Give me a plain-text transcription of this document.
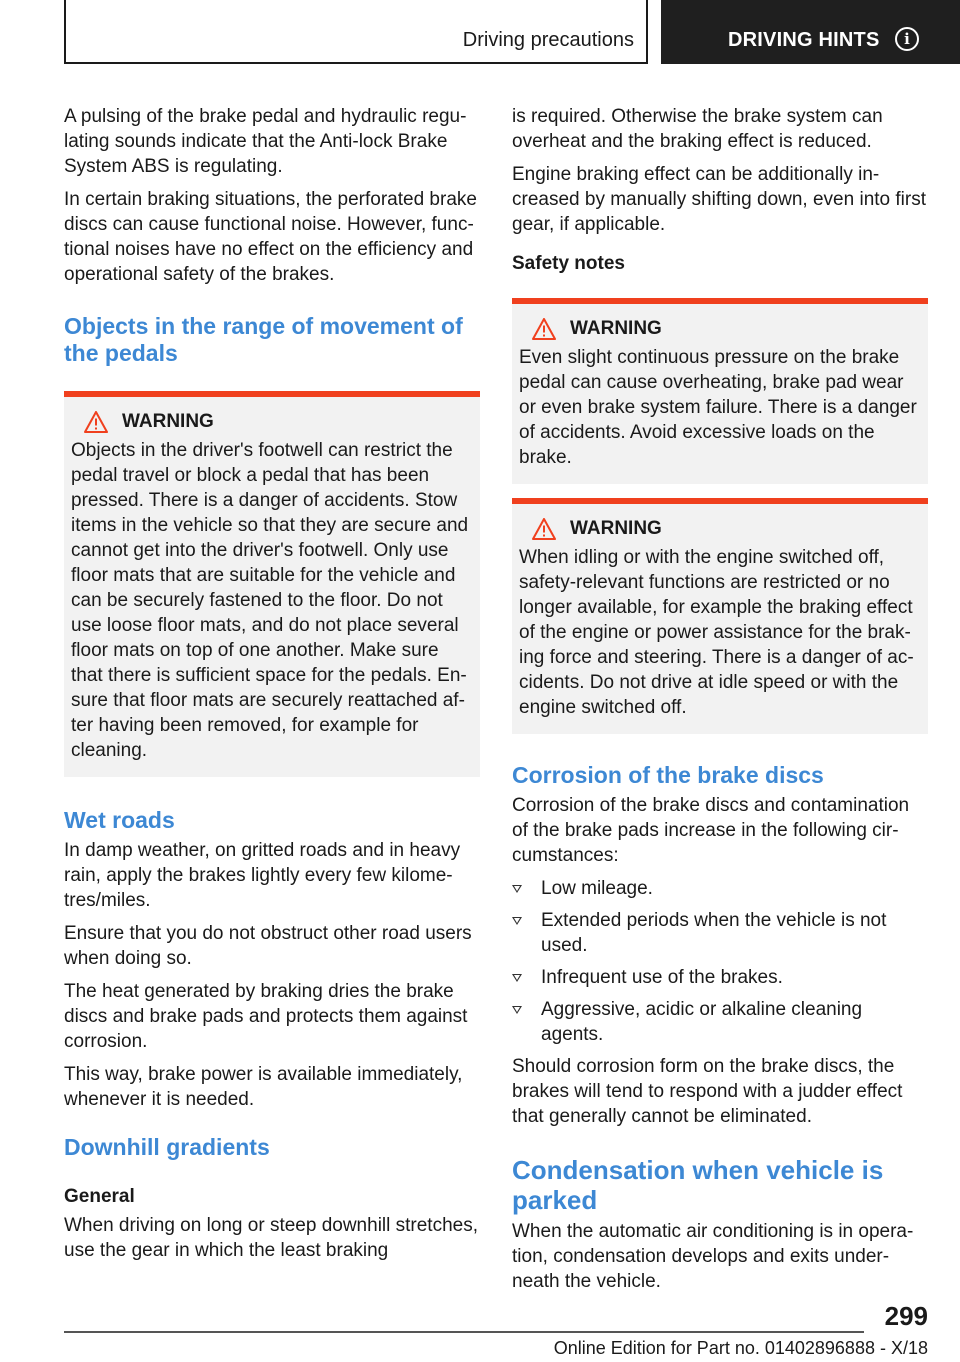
Driving precautions	DRIVING HINTS	i

A pulsing of the brake pedal and hydraulic regu-lating sounds indicate that the Anti-lock Brake System ABS is regulating.

In certain braking situations, the perforated brake discs can cause functional noise. However, func-tional noises have no effect on the efficiency and operational safety of the brakes.

Objects in the range of movement of the pedals
WARNING

Objects in the driver's footwell can restrict the pedal travel or block a pedal that has been pressed. There is a danger of accidents. Stow items in the vehicle so that they are secure and cannot get into the driver's footwell. Only use floor mats that are suitable for the vehicle and can be securely fastened to the floor. Do not use loose floor mats, and do not place several floor mats on top of one another. Make sure that there is sufficient space for the pedals. En-sure that floor mats are securely reattached af-ter having been removed, for example for cleaning.

Wet roads

In damp weather, on gritted roads and in heavy rain, apply the brakes lightly every few kilome-tres/miles.

Ensure that you do not obstruct other road users when doing so.

The heat generated by braking dries the brake discs and brake pads and protects them against corrosion.

This way, brake power is available immediately, whenever it is needed.

Downhill gradients
General

When driving on long or steep downhill stretches, use the gear in which the least braking

is required. Otherwise the brake system can overheat and the braking effect is reduced.

Engine braking effect can be additionally in-creased by manually shifting down, even into first gear, if applicable.

Safety notes
WARNING

Even slight continuous pressure on the brake pedal can cause overheating, brake pad wear or even brake system failure. There is a danger of accidents. Avoid excessive loads on the brake.

WARNING

When idling or with the engine switched off, safety-relevant functions are restricted or no longer available, for example the braking effect of the engine or power assistance for the brak-ing force and steering. There is a danger of ac-cidents. Do not drive at idle speed or with the engine switched off.

Corrosion of the brake discs

Corrosion of the brake discs and contamination of the brake pads increase in the following cir-cumstances:

Low mileage.
Extended periods when the vehicle is not used.
Infrequent use of the brakes.
Aggressive, acidic or alkaline cleaning agents.

Should corrosion form on the brake discs, the brakes will tend to respond with a judder effect that generally cannot be eliminated.

Condensation when vehicle is parked

When the automatic air conditioning is in opera-tion, condensation develops and exits under-neath the vehicle.

299
Online Edition for Part no. 01402896888 - X/18
